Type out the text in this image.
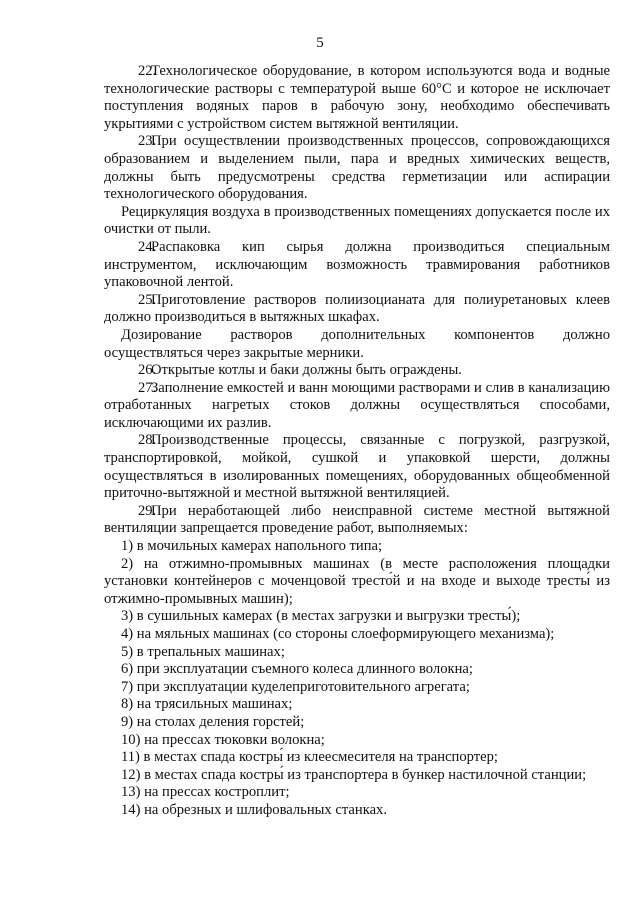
5

22.Технологическое оборудование, в котором используются вода и водные технологические растворы с температурой выше 60°С и которое не исключает поступления водяных паров в рабочую зону, необходимо обеспечивать укрытиями с устройством систем вытяжной вентиляции.

23.При осуществлении производственных процессов, сопровождающихся образованием и выделением пыли, пара и вредных химических веществ, должны быть предусмотрены средства герметизации или аспирации технологического оборудования.

Рециркуляция воздуха в производственных помещениях допускается после их очистки от пыли.

24.Распаковка кип сырья должна производиться специальным инструментом, исключающим возможность травмирования работников упаковочной лентой.

25.Приготовление растворов полиизоцианата для полиуретановых клеев должно производиться в вытяжных шкафах.

Дозирование растворов дополнительных компонентов должно осуществляться через закрытые мерники.

26.Открытые котлы и баки должны быть ограждены.

27.Заполнение емкостей и ванн моющими растворами и слив в канализацию отработанных нагретых стоков должны осуществляться способами, исключающими их разлив.

28.Производственные процессы, связанные с погрузкой, разгрузкой, транспортировкой, мойкой, сушкой и упаковкой шерсти, должны осуществляться в изолированных помещениях, оборудованных общеобменной приточно-вытяжной и местной вытяжной вентиляцией.

29.При неработающей либо неисправной системе местной вытяжной вентиляции запрещается проведение работ, выполняемых:

1) в мочильных камерах напольного типа;

2) на отжимно-промывных машинах (в месте расположения площадки установки контейнеров с моченцовой тресто́й и на входе и выходе тресты́ из отжимно-промывных машин);

3) в сушильных камерах (в местах загрузки и выгрузки тресты́);

4) на мяльных машинах (со стороны слоеформирующего механизма);

5) в трепальных машинах;

6) при эксплуатации съемного колеса длинного волокна;

7) при эксплуатации куделеприготовительного агрегата;

8) на трясильных машинах;

9) на столах деления горстей;

10) на прессах тюковки волокна;

11) в местах спада костры́ из клеесмесителя на транспортер;

12) в местах спада костры́ из транспортера в бункер настилочной станции;

13) на прессах костроплит;

14) на обрезных и шлифовальных станках.
